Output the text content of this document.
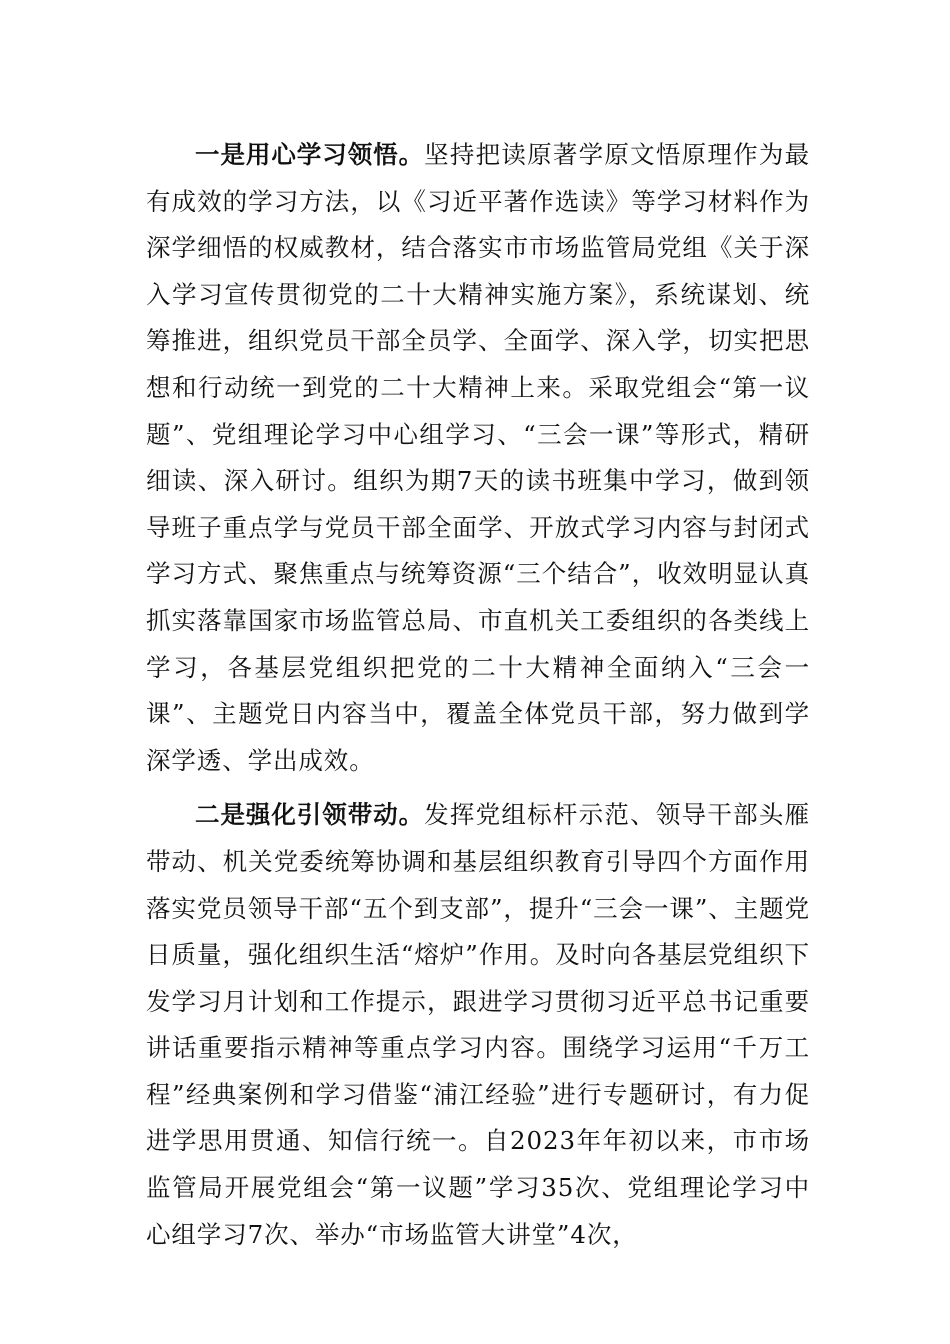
一是用心学习领悟。坚持把读原著学原文悟原理作为最有成效的学习方法，以《习近平著作选读》等学习材料作为深学细悟的权威教材，结合落实市市场监管局党组《关于深入学习宣传贯彻党的二十大精神实施方案》，系统谋划、统筹推进，组织党员干部全员学、全面学、深入学，切实把思想和行动统一到党的二十大精神上来。采取党组会“第一议题”、党组理论学习中心组学习、“三会一课”等形式，精研细读、深入研讨。组织为期7天的读书班集中学习，做到领导班子重点学与党员干部全面学、开放式学习内容与封闭式学习方式、聚焦重点与统筹资源“三个结合”，收效明显认真抓实落靠国家市场监管总局、市直机关工委组织的各类线上学习，各基层党组织把党的二十大精神全面纳入“三会一课”、主题党日内容当中，覆盖全体党员干部，努力做到学深学透、学出成效。

二是强化引领带动。发挥党组标杆示范、领导干部头雁带动、机关党委统筹协调和基层组织教育引导四个方面作用落实党员领导干部“五个到支部”，提升“三会一课”、主题党日质量，强化组织生活“熔炉”作用。及时向各基层党组织下发学习月计划和工作提示，跟进学习贯彻习近平总书记重要讲话重要指示精神等重点学习内容。围绕学习运用“千万工程”经典案例和学习借鉴“浦江经验”进行专题研讨，有力促进学思用贯通、知信行统一。自2023年年初以来，市市场监管局开展党组会“第一议题”学习35次、党组理论学习中心组学习7次、举办“市场监管大讲堂”4次，
